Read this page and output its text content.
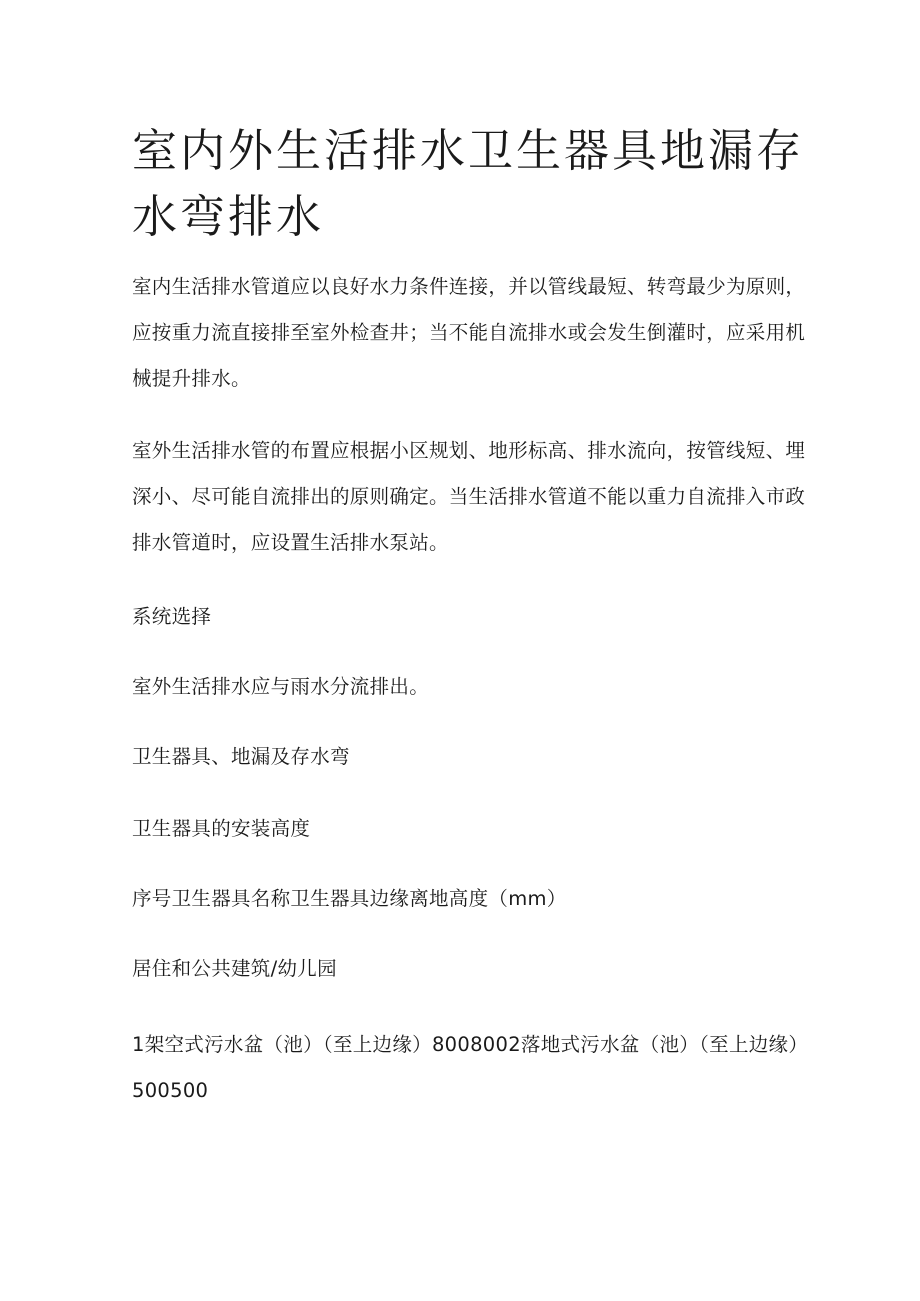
室内外生活排水卫生器具地漏存水弯排水

室内生活排水管道应以良好水力条件连接，并以管线最短、转弯最少为原则，应按重力流直接排至室外检查井；当不能自流排水或会发生倒灌时，应采用机械提升排水。

室外生活排水管的布置应根据小区规划、地形标高、排水流向，按管线短、埋深小、尽可能自流排出的原则确定。当生活排水管道不能以重力自流排入市政排水管道时，应设置生活排水泵站。

系统选择

室外生活排水应与雨水分流排出。

卫生器具、地漏及存水弯

卫生器具的安装高度

序号卫生器具名称卫生器具边缘离地高度（mm）

居住和公共建筑/幼儿园

1架空式污水盆（池）（至上边缘）8008002落地式污水盆（池）（至上边缘）500500
